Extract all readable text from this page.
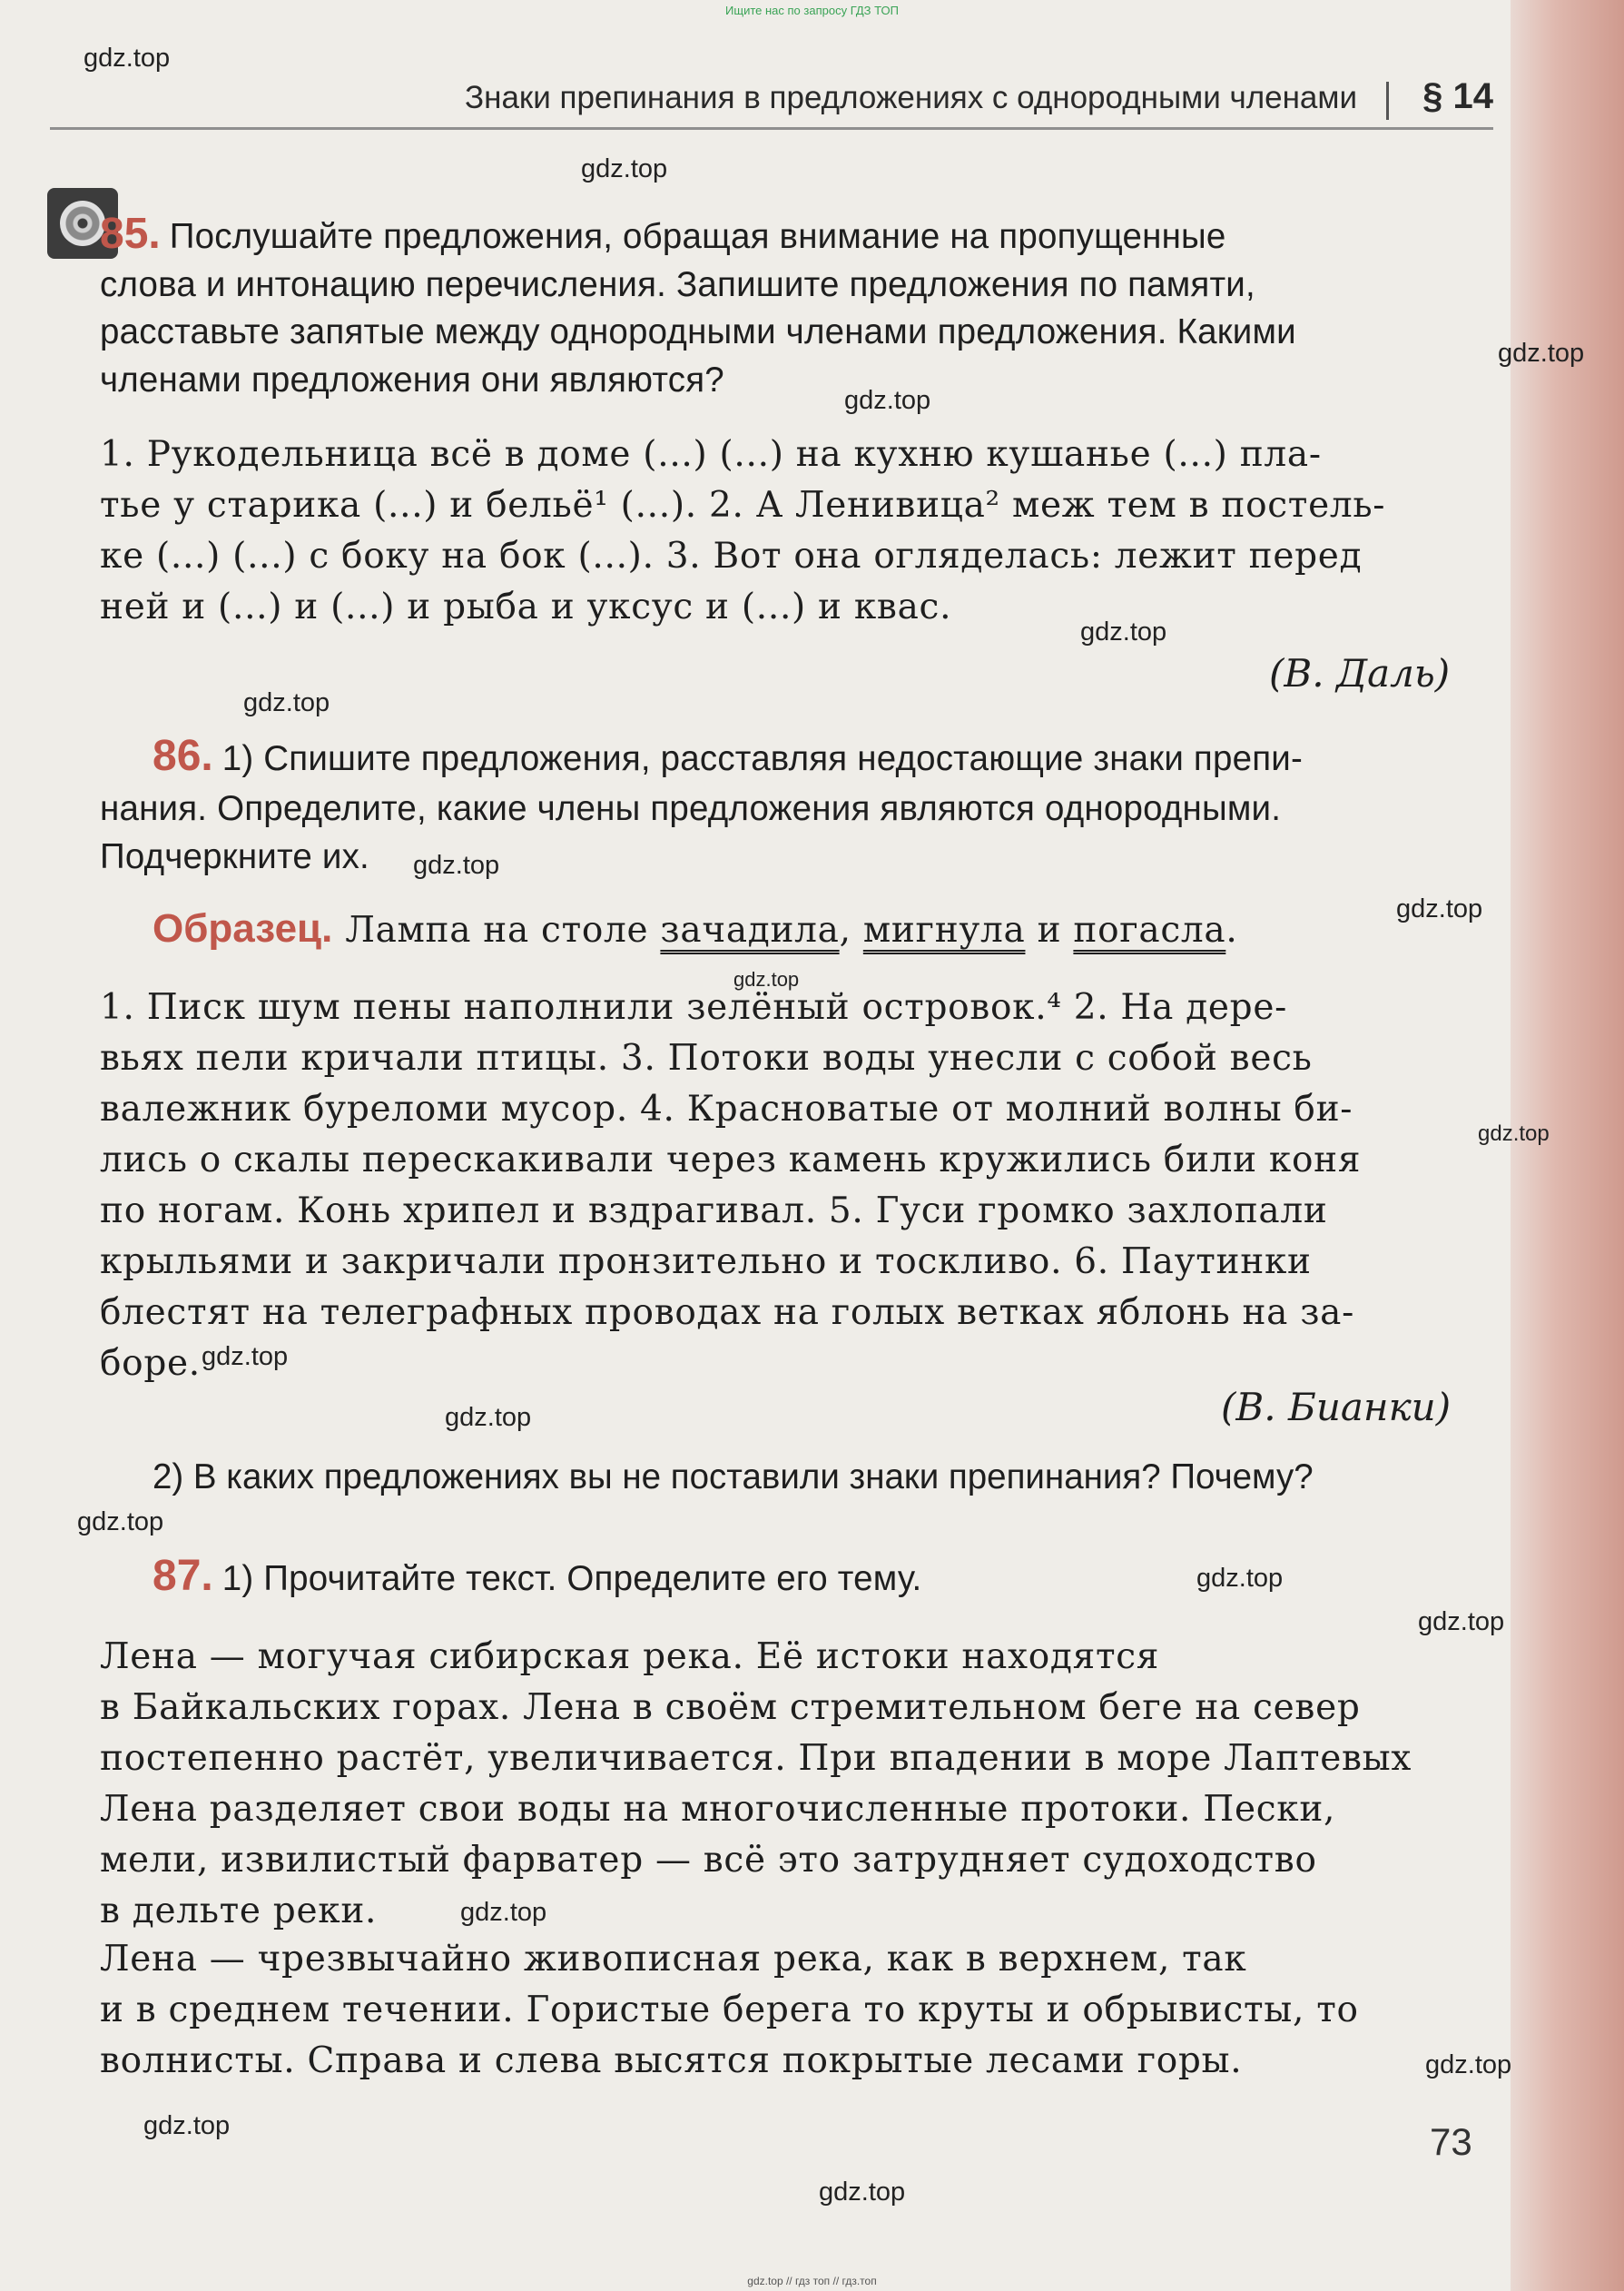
Ищите нас по запросу ГДЗ ТОП
Знаки препинания в предложениях с однородными членами § 14
gdz.top
gdz.top
gdz.top
gdz.top
gdz.top
gdz.top
gdz.top
gdz.top
gdz.top
gdz.top
gdz.top
gdz.top
gdz.top
gdz.top
gdz.top
gdz.top
gdz.top
gdz.top
gdz.top
85. Послушайте предложения, обращая внимание на пропущенные
слова и интонацию перечисления. Запишите предложения по памяти,
расставьте запятые между однородными членами предложения. Какими
членами предложения они являются?
1. Рукодельница всё в доме (...) (...) на кухню кушанье (...) пла-
тье у старика (...) и бельё¹ (...). 2. А Ленивица² меж тем в постель-
ке (...) (...) с боку на бок (...). 3. Вот она огляделась: лежит перед
ней и (...) и (...) и рыба и уксус и (...) и квас.
(В. Даль)
86. 1) Спишите предложения, расставляя недостающие знаки препи-
нания. Определите, какие члены предложения являются однородными.
Подчеркните их.
Образец. Лампа на столе зачадила, мигнула и погасла.
1. Писк шум пены наполнили зелёный островок.⁴ 2. На дере-
вьях пели кричали птицы. 3. Потоки воды унесли с собой весь
валежник буреломи мусор. 4. Красноватые от молний волны би-
лись о скалы перескакивали через камень кружились били коня
по ногам. Конь хрипел и вздрагивал. 5. Гуси громко захлопали
крыльями и закричали пронзительно и тоскливо. 6. Паутинки
блестят на телеграфных проводах на голых ветках яблонь на за-
боре.
(В. Бианки)
2) В каких предложениях вы не поставили знаки препинания? Почему?
87. 1) Прочитайте текст. Определите его тему.
Лена — могучая сибирская река. Её истоки находятся
в Байкальских горах. Лена в своём стремительном беге на север
постепенно растёт, увеличивается. При впадении в море Лаптевых
Лена разделяет свои воды на многочисленные протоки. Пески,
мели, извилистый фарватер — всё это затрудняет судоходство
в дельте реки.
Лена — чрезвычайно живописная река, как в верхнем, так
и в среднем течении. Гористые берега то круты и обрывисты, то
волнисты. Справа и слева высятся покрытые лесами горы.
73
gdz.top // гдз топ // гдз.топ
